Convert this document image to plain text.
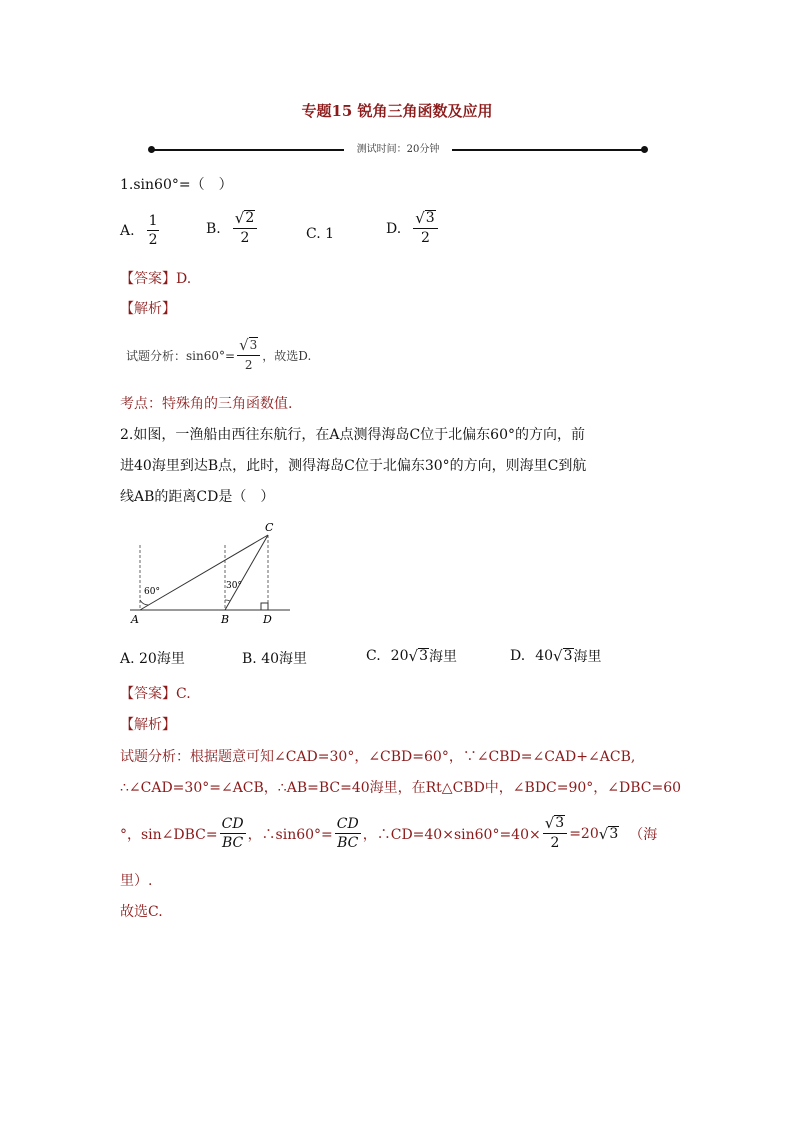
专题15 锐角三角函数及应用
测试时间：20分钟
1.sin60°=（　）
A. $\frac{1}{2}$	B. $\frac{√ 2}{2}$	C. 1	D. $\frac{√ 3}{2}$
【答案】D.
【解析】
试题分析：$\sin 60^\circ= \frac{√ 3}{2}$ ，故选D.
考点：特殊角的三角函数值.
2.如图，一渔船由西往东航行，在A点测得海岛C位于北偏东60°的方向，前
进40海里到达B点，此时，测得海岛C位于北偏东30°的方向，则海里C到航
线AB的距离CD是（　）
60°
30°
A	B
C
D
A. 20海里	B. 40海里	C. 20 √ 3 海里	D. 40 √ 3 海里
【答案】C.
【解析】
试题分析：根据题意可知∠CAD=30°，∠CBD=60°，∵∠CBD=∠CAD+∠ACB,
∴∠CAD=30°=∠ACB，∴AB=BC=40海里，在Rt△CBD中，∠BDC=90°，∠DBC=60
°，sin∠DBC= $\frac{CD}{BC}$ ，∴sin60°= $\frac{CD}{BC}$ ，∴CD=40×sin60°=40× $\frac{√ 3}{2} =20$ √ 3 （海
里）.
故选C.
